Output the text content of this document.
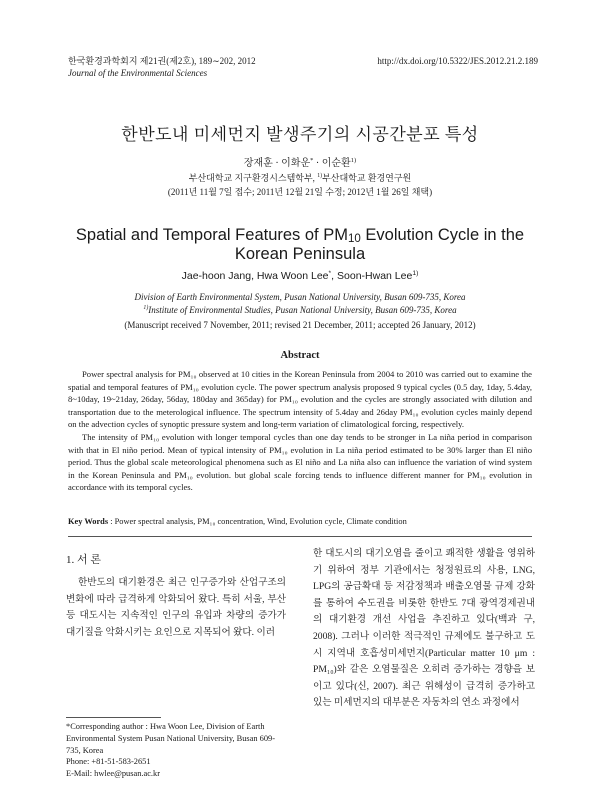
한국환경과학회지 제21권(제2호), 189∼202, 2012
Journal of the Environmental Sciences
http://dx.doi.org/10.5322/JES.2012.21.2.189
한반도내 미세먼지 발생주기의 시공간분포 특성
장재훈 · 이화운* · 이순환$^{1)}$
부산대학교 지구환경시스템학부, $^{1)}$부산대학교 환경연구원
(2011년 11월 7일 접수; 2011년 12월 21일 수정; 2012년 1월 26일 채택)
Spatial and Temporal Features of $PM_{10}$ Evolution Cycle in the
Korean Peninsula
Jae-hoon Jang, Hwa Woon Lee*, Soon-Hwan Lee$^{1)}$
Division of Earth Environmental System, Pusan National University, Busan 609-735, Korea
$^{1)}$Institute of Environmental Studies, Pusan National University, Busan 609-735, Korea
(Manuscript received 7 November, 2011; revised 21 December, 2011; accepted 26 January, 2012)
Abstract

Power spectral analysis for PM₁₀ observed at 10 cities in the Korean Peninsula from 2004 to 2010 was carried out to examine the spatial and temporal features of PM₁₀ evolution cycle. The power spectrum analysis proposed 9 typical cycles (0.5 day, 1day, 5.4day, 8~10day, 19~21day, 26day, 56day, 180day and 365day) for PM₁₀ evolution and the cycles are strongly associated with dilution and transportation due to the meterological influence. The spectrum intensity of 5.4day and 26day PM₁₀ evolution cycles mainly depend on the advection cycles of synoptic pressure system and long-term variation of climatological forcing, respectively.

The intensity of PM₁₀ evolution with longer temporal cycles than one day tends to be stronger in La niña period in comparison with that in El niño period. Mean of typical intensity of PM₁₀ evolution in La niña period estimated to be 30% larger than El niño period. Thus the global scale meteorological phenomena such as El niño and La niña also can influence the variation of wind system in the Korean Peninsula and PM₁₀ evolution. but global scale forcing tends to influence different manner for PM₁₀ evolution in accordance with its temporal cycles.

Key Words : Power spectral analysis, PM₁₀ concentration, Wind, Evolution cycle, Climate condition
1. 서 론

한반도의 대기환경은 최근 인구증가와 산업구조의 변화에 따라 급격하게 악화되어 왔다. 특히 서울, 부산 등 대도시는 지속적인 인구의 유입과 차량의 증가가 대기질을 악화시키는 요인으로 지목되어 왔다. 이러

한 대도시의 대기오염을 줄이고 쾌적한 생활을 영위하기 위하여 정부 기관에서는 청정원료의 사용, LNG, LPG의 공급확대 등 저감정책과 배출오염물 규제 강화를 통하여 수도권을 비롯한 한반도 7대 광역경제권내의 대기환경 개선 사업을 추진하고 있다(백과 구, 2008). 그러나 이러한 적극적인 규제에도 불구하고 도시 지역내 호흡성미세먼지(Particular matter 10 μm : PM₁₀)와 같은 오염물질은 오히려 증가하는 경향을 보이고 있다(신, 2007). 최근 위해성이 급격히 증가하고 있는 미세먼지의 대부분은 자동차의 연소 과정에서

*Corresponding author : Hwa Woon Lee, Division of Earth Environmental System Pusan National University, Busan 609-735, Korea
Phone: +81-51-583-2651
E-Mail: hwlee@pusan.ac.kr
